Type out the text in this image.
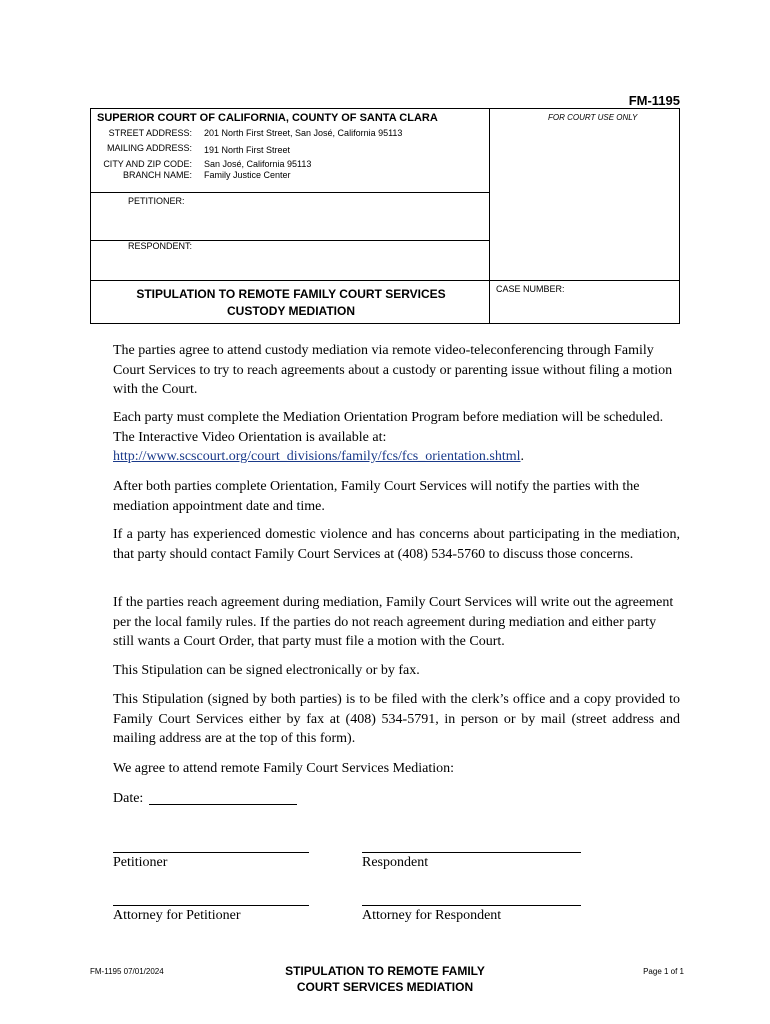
FM-1195
SUPERIOR COURT OF CALIFORNIA, COUNTY OF SANTA CLARA
STREET ADDRESS: 201 North First Street, San José, California 95113
MAILING ADDRESS: 191 North First Street
CITY AND ZIP CODE: San José, California 95113
BRANCH NAME: Family Justice Center
FOR COURT USE ONLY
PETITIONER:
RESPONDENT:
CASE NUMBER:
STIPULATION TO REMOTE FAMILY COURT SERVICES
CUSTODY MEDIATION
The parties agree to attend custody mediation via remote video-teleconferencing through Family Court Services to try to reach agreements about a custody or parenting issue without filing a motion with the Court.
Each party must complete the Mediation Orientation Program before mediation will be scheduled. The Interactive Video Orientation is available at:
http://www.scscourt.org/court_divisions/family/fcs/fcs_orientation.shtml.
After both parties complete Orientation, Family Court Services will notify the parties with the mediation appointment date and time.
If a party has experienced domestic violence and has concerns about participating in the mediation, that party should contact Family Court Services at (408) 534-5760 to discuss those concerns.
If the parties reach agreement during mediation, Family Court Services will write out the agreement per the local family rules. If the parties do not reach agreement during mediation and either party still wants a Court Order, that party must file a motion with the Court.
This Stipulation can be signed electronically or by fax.
This Stipulation (signed by both parties) is to be filed with the clerk’s office and a copy provided to Family Court Services either by fax at (408) 534-5791, in person or by mail (street address and mailing address are at the top of this form).
We agree to attend remote Family Court Services Mediation:
Date:
Petitioner	Respondent
Attorney for Petitioner	Attorney for Respondent
FM-1195 07/01/2024	STIPULATION TO REMOTE FAMILY
COURT SERVICES MEDIATION
Page 1 of 1
